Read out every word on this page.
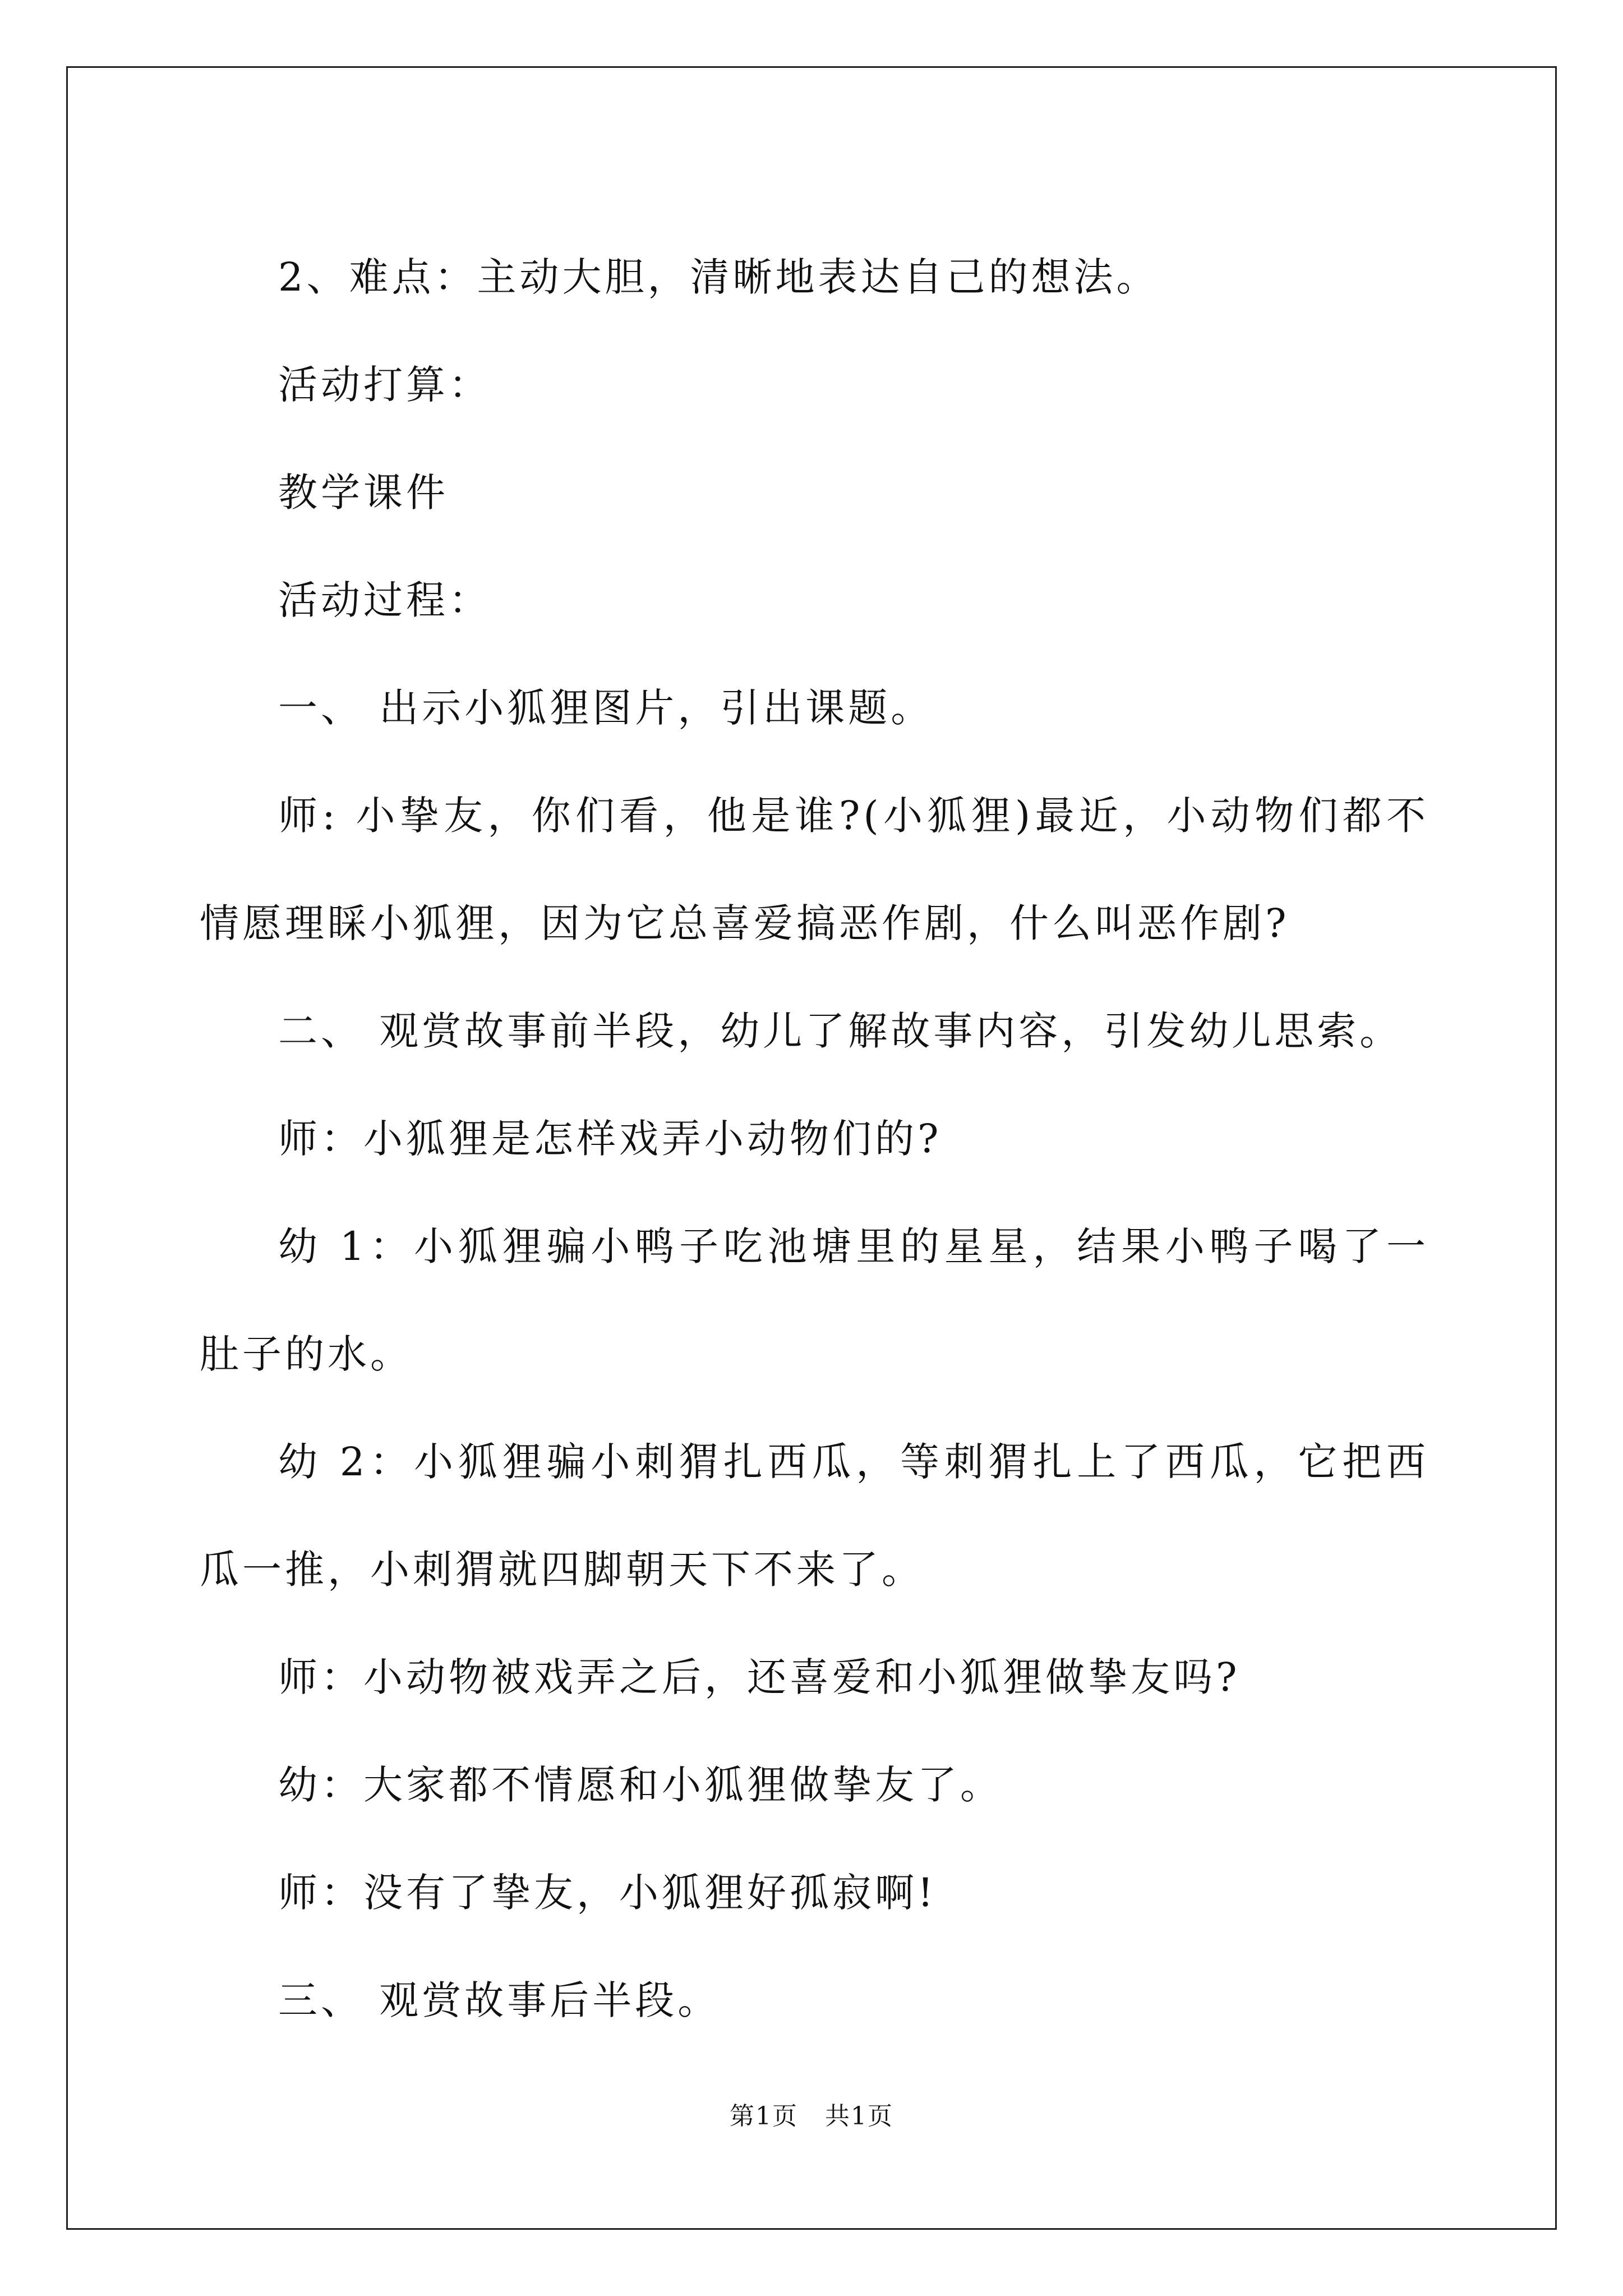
2、难点：主动大胆，清晰地表达自己的想法。

活动打算：

教学课件

活动过程：

一、 出示小狐狸图片，引出课题。

师: 小挚友，你们看，他是谁?(小狐狸)最近，小动物们都不情愿理睬小狐狸，因为它总喜爱搞恶作剧，什么叫恶作剧?

二、 观赏故事前半段，幼儿了解故事内容，引发幼儿思索。

师：小狐狸是怎样戏弄小动物们的?

幼 1：小狐狸骗小鸭子吃池塘里的星星，结果小鸭子喝了一肚子的水。

幼 2：小狐狸骗小刺猬扎西瓜，等刺猬扎上了西瓜，它把西瓜一推，小刺猬就四脚朝天下不来了。

师：小动物被戏弄之后，还喜爱和小狐狸做挚友吗?

幼：大家都不情愿和小狐狸做挚友了。

师：没有了挚友，小狐狸好孤寂啊!

三、 观赏故事后半段。

第1页 共1页
